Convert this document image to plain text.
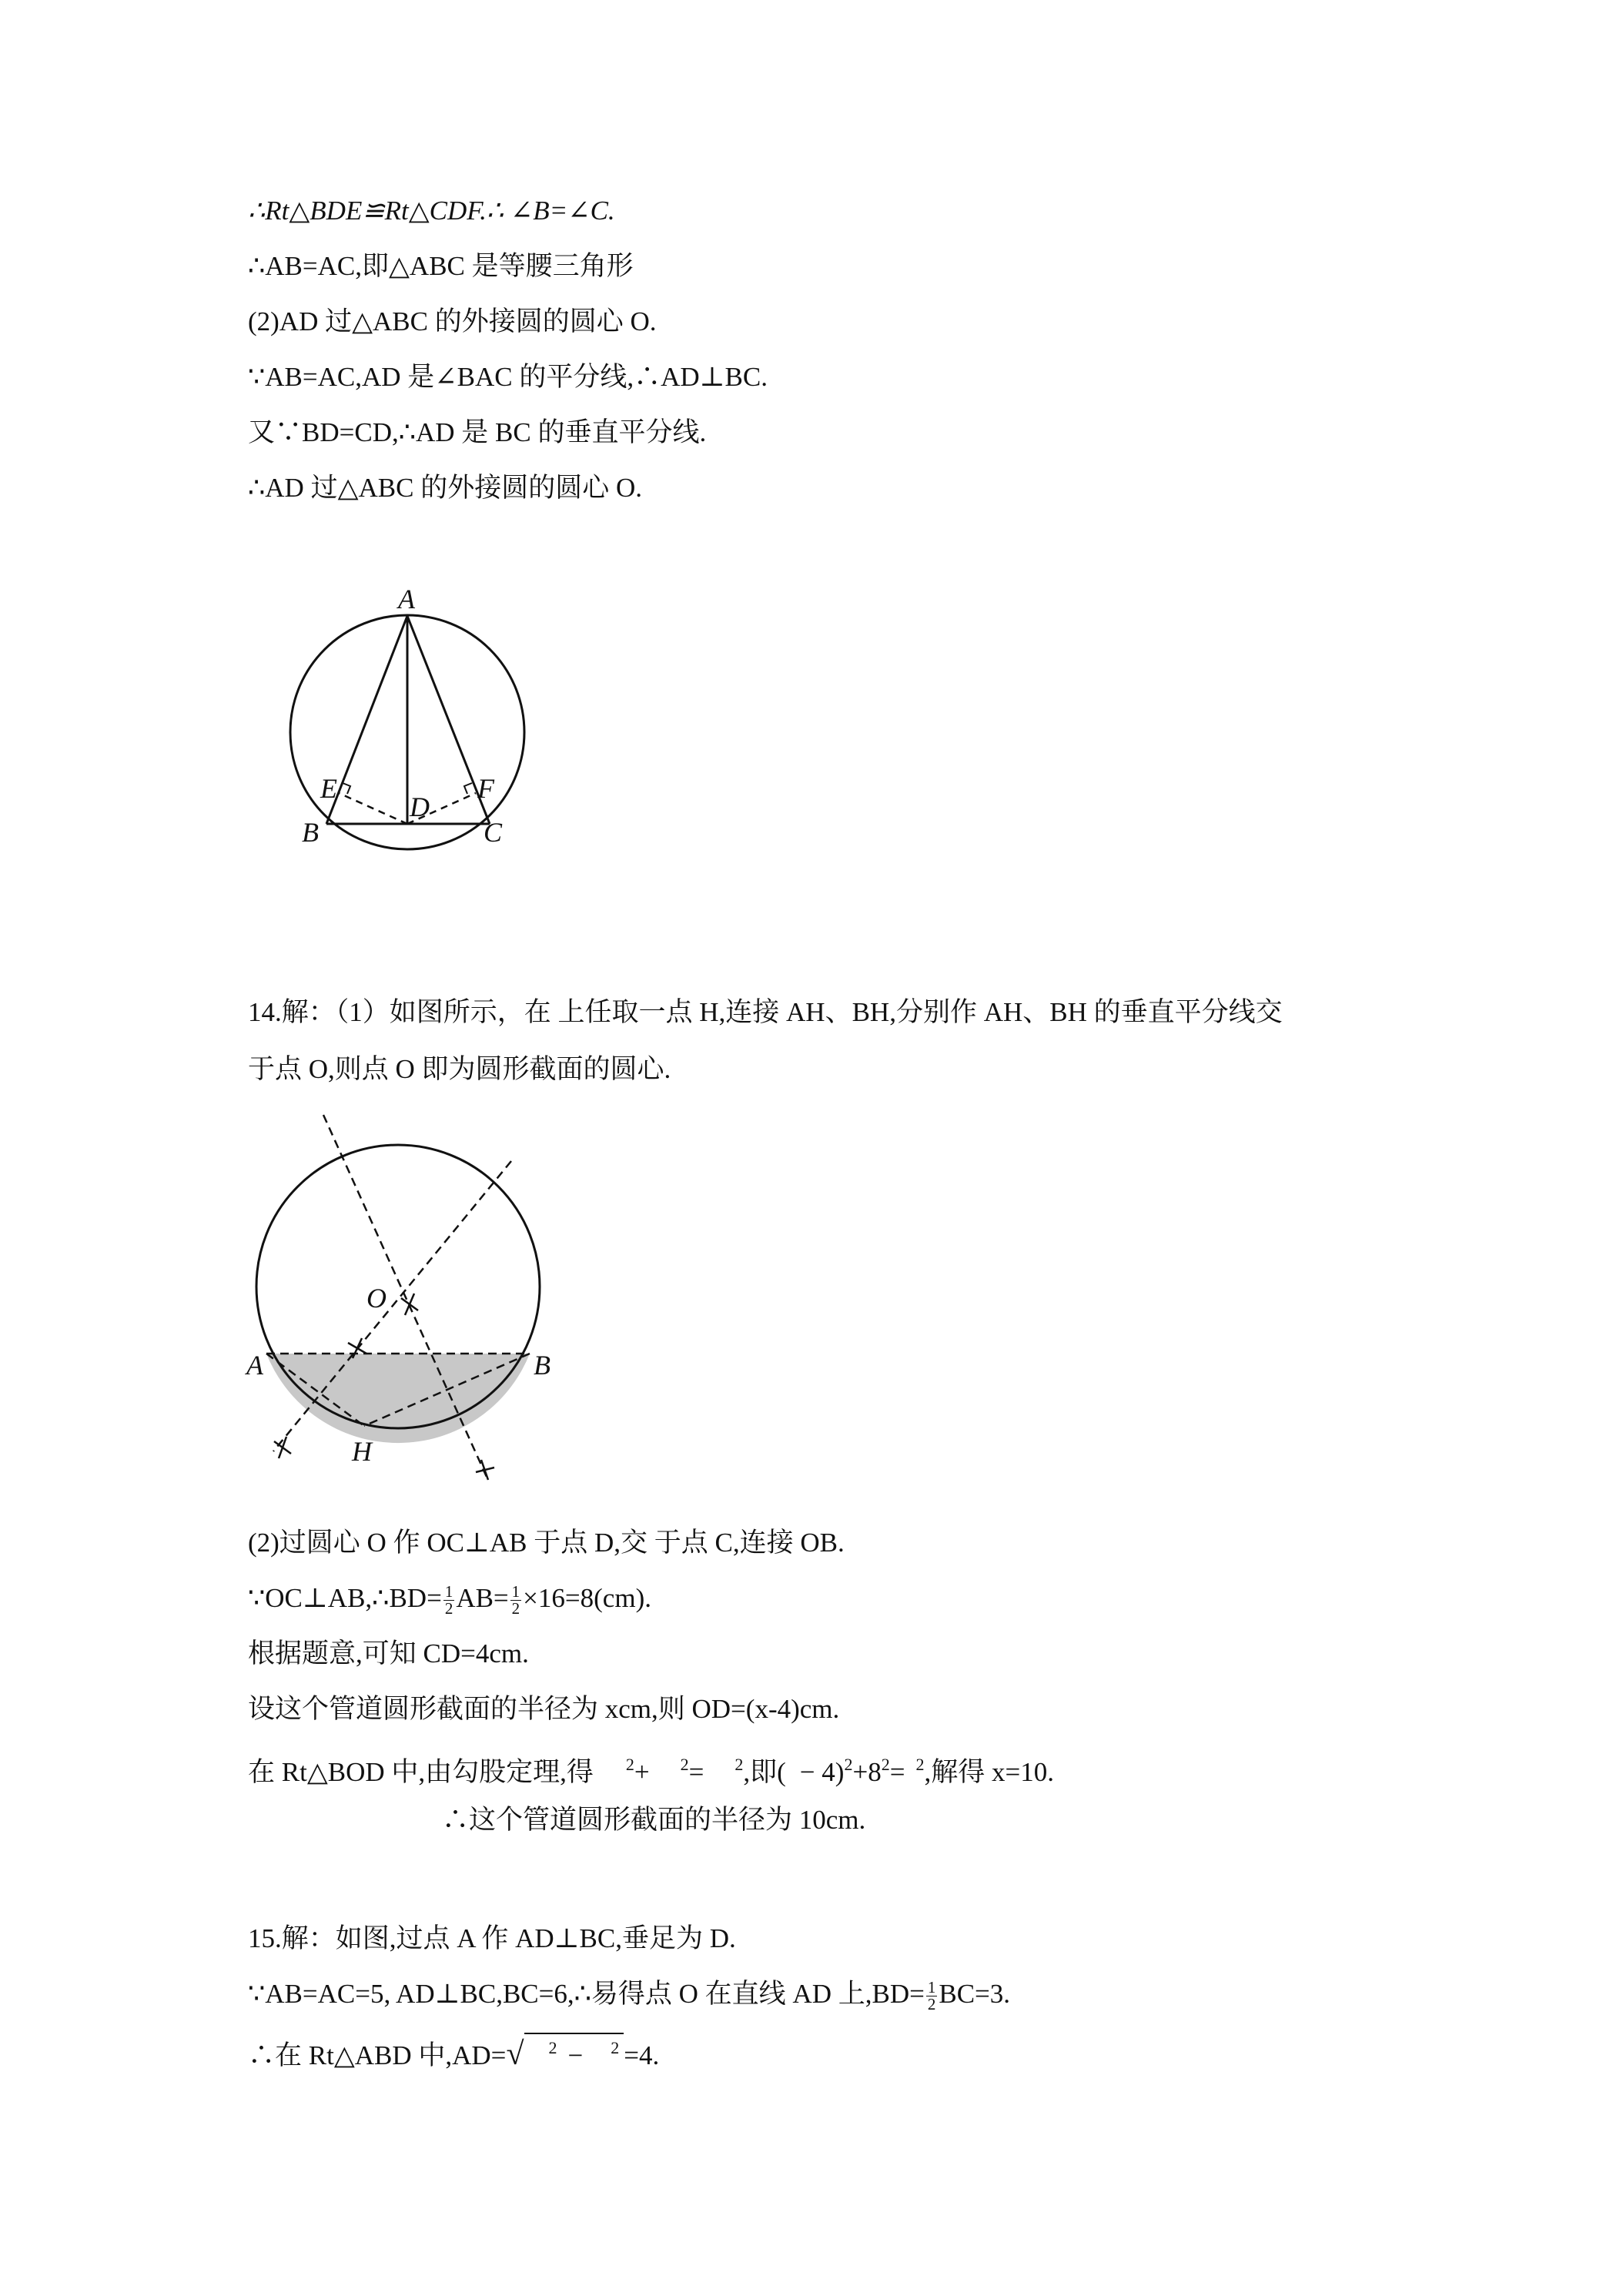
∴Rt△BDE≌Rt△CDF.∴ ∠B=∠C.
∴AB=AC,即△ABC 是等腰三角形
(2)AD 过△ABC 的外接圆的圆心 O.
∵AB=AC,AD 是∠BAC 的平分线,∴AD⊥BC.
又∵BD=CD,∴AD 是 BC 的垂直平分线.
∴AD 过△ABC 的外接圆的圆心 O.
A
B	C
D
E	F
14.解：（1）如图所示，在 上任取一点 H,连接 AH、BH,分别作 AH、BH 的垂直平分线交
于点 O,则点 O 即为圆形截面的圆心.
O
A	B
H
(2)过圆心 O 作 OC⊥AB 于点 D,交 于点 C,连接 OB.
∵OC⊥AB,∴BD= $\frac{1}{2} AB= \frac{1}{2} \times 16=8(cm)$.
根据题意,可知 CD=4cm.
设这个管道圆形截面的半径为 xcm,则 OD=(x-4)cm.
在 Rt△BOD 中,由勾股定理,得 $^2$+ $^2$= $^2$,即( − $4)^2+8^2= ^2$,解得 x=10.
∴这个管道圆形截面的半径为 10cm.
15.解：如图,过点 A 作 AD⊥BC,垂足为 D.
∵AB=AC=5, AD⊥BC,BC=6,∴易得点 O 在直线 AD 上$,BD= \frac{1}{2} BC=3$.
∴在 Rt△ABD 中,AD=√ $^2$ − $^2$ =4.
